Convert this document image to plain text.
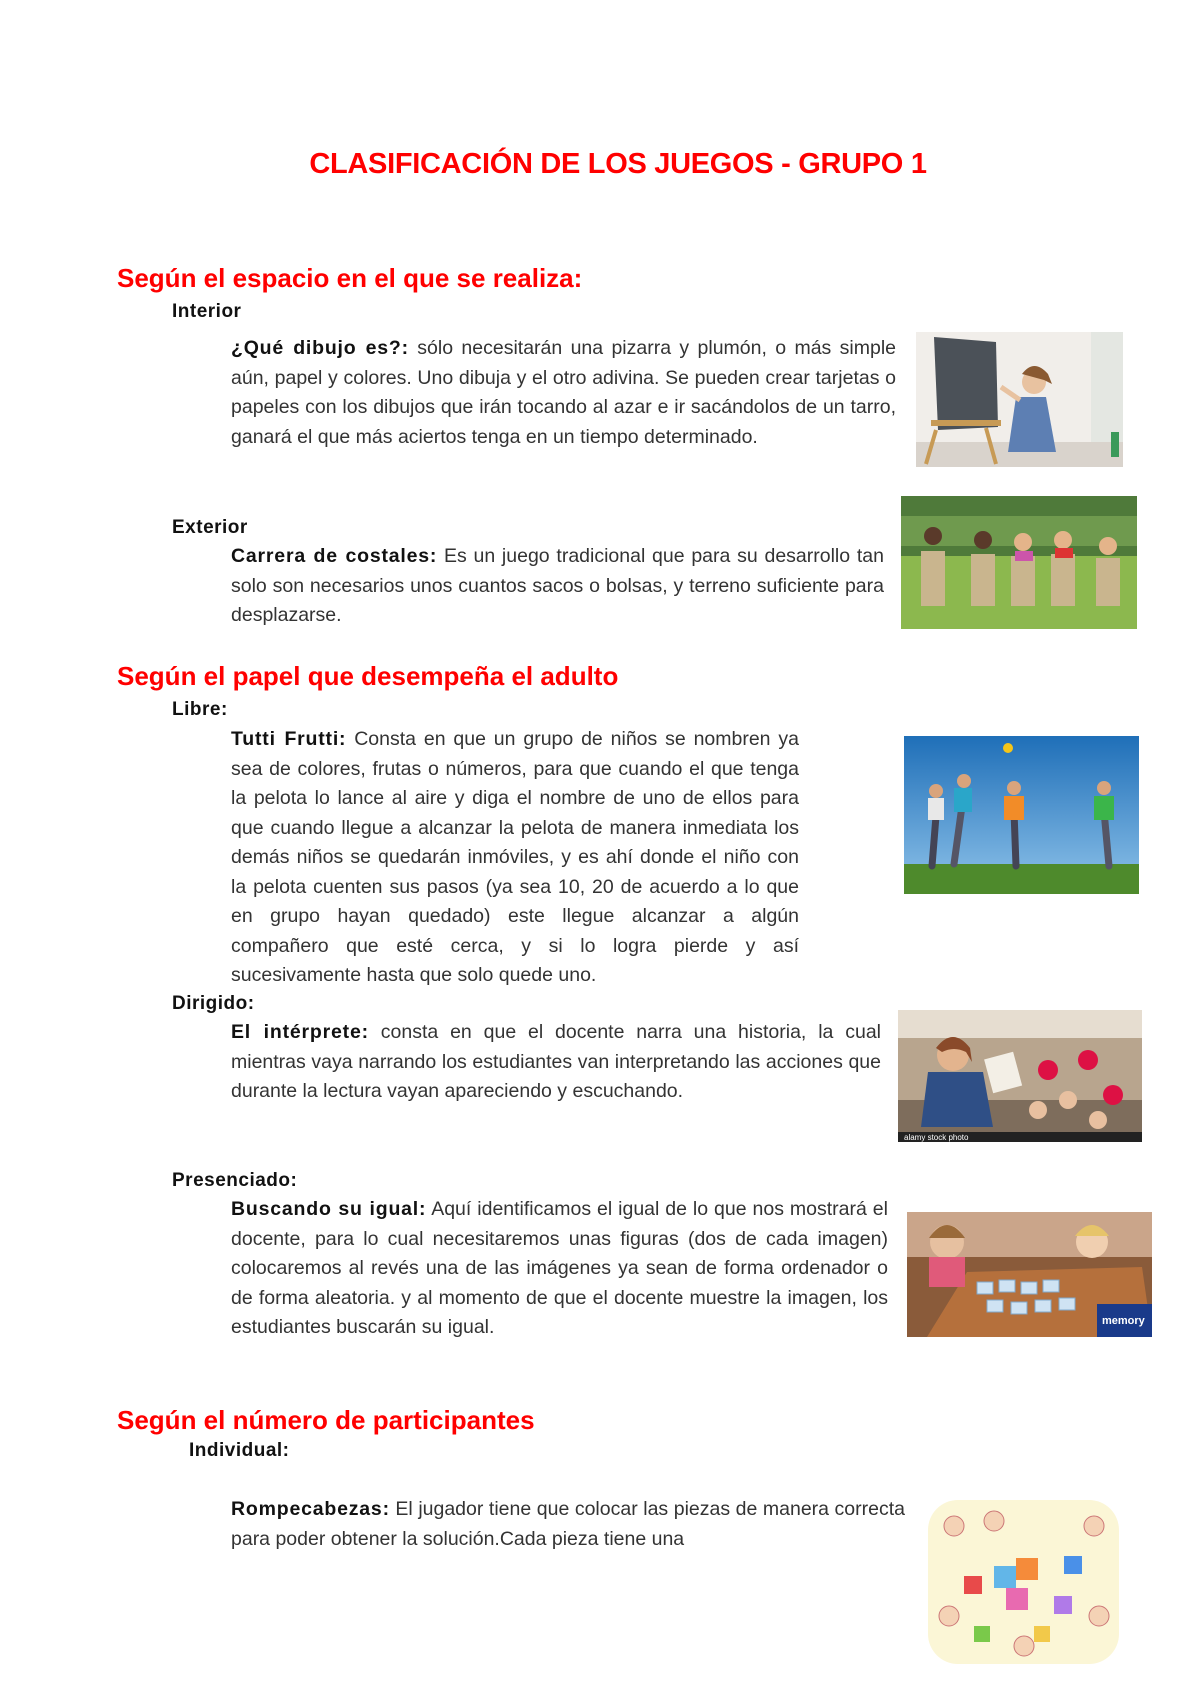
CLASIFICACIÓN DE LOS JUEGOS - GRUPO 1
Según el espacio en el que se realiza:
Interior
¿Qué dibujo es?: sólo necesitarán una pizarra y plumón, o más simple aún, papel y colores. Uno dibuja y el otro adivina. Se pueden crear tarjetas o papeles con los dibujos que irán tocando al azar e ir sacándolos de un tarro, ganará el que más aciertos tenga en un tiempo determinado.
Exterior
Carrera de costales: Es un juego tradicional que para su desarrollo tan solo son necesarios unos cuantos sacos o bolsas, y terreno suficiente para desplazarse.
Según el papel que desempeña el adulto
Libre:
Tutti Frutti: Consta en que un grupo de niños se nombren ya sea de colores, frutas o números, para que cuando el que tenga la pelota lo lance al aire y diga el nombre de uno de ellos para que cuando llegue a alcanzar la pelota de manera inmediata los demás niños se quedarán inmóviles, y es ahí donde el niño con la pelota cuenten sus pasos (ya sea 10, 20 de acuerdo a lo que en grupo hayan quedado) este llegue alcanzar a algún compañero que esté cerca, y si lo logra pierde y así sucesivamente hasta que solo quede uno.
Dirigido:
El intérprete: consta en que el docente narra una historia, la cual mientras vaya narrando los estudiantes van interpretando las acciones que durante la lectura vayan apareciendo y escuchando.
alamy stock photo
Presenciado:
Buscando su igual: Aquí identificamos el igual de lo que nos mostrará el docente, para lo cual necesitaremos unas figuras (dos de cada imagen) colocaremos al revés una de las imágenes ya sean de forma ordenador o de forma aleatoria. y al momento de que el docente muestre la imagen, los estudiantes buscarán su igual.	memory
Según el número de participantes
Individual:
Rompecabezas: El jugador tiene que colocar las piezas de manera correcta para poder obtener la solución.Cada pieza tiene una
